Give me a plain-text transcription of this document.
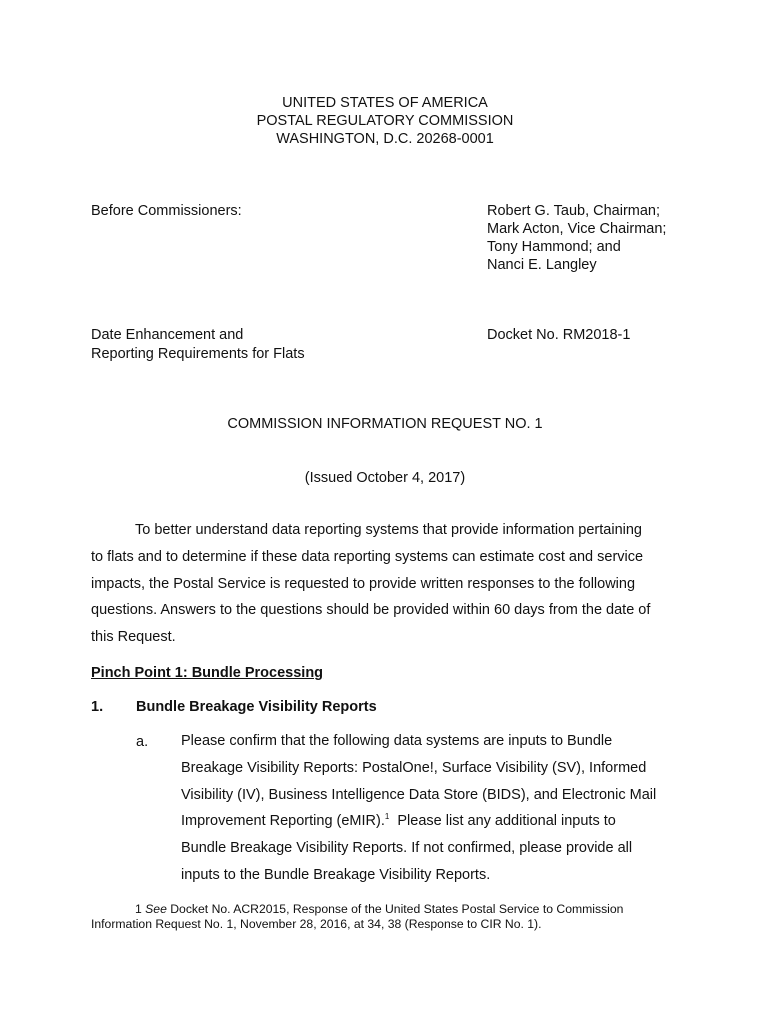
UNITED STATES OF AMERICA
POSTAL REGULATORY COMMISSION
WASHINGTON, D.C. 20268-0001
Before Commissioners:	Robert G. Taub, Chairman;
Mark Acton, Vice Chairman;
Tony Hammond; and
Nanci E. Langley
Date Enhancement and
Reporting Requirements for Flats
Docket No. RM2018-1
COMMISSION INFORMATION REQUEST NO. 1
(Issued October 4, 2017)
To better understand data reporting systems that provide information pertaining
to flats and to determine if these data reporting systems can estimate cost and service
impacts, the Postal Service is requested to provide written responses to the following
questions. Answers to the questions should be provided within 60 days from the date of
this Request.
Pinch Point 1: Bundle Processing
1. Bundle Breakage Visibility Reports
a. Please confirm that the following data systems are inputs to Bundle
Breakage Visibility Reports: PostalOne!, Surface Visibility (SV), Informed
Visibility (IV), Business Intelligence Data Store (BIDS), and Electronic Mail
Improvement Reporting (eMIR).$^1$ Please list any additional inputs to
Bundle Breakage Visibility Reports. If not confirmed, please provide all
inputs to the Bundle Breakage Visibility Reports.
1 See Docket No. ACR2015, Response of the United States Postal Service to Commission
Information Request No. 1, November 28, 2016, at 34, 38 (Response to CIR No. 1).
